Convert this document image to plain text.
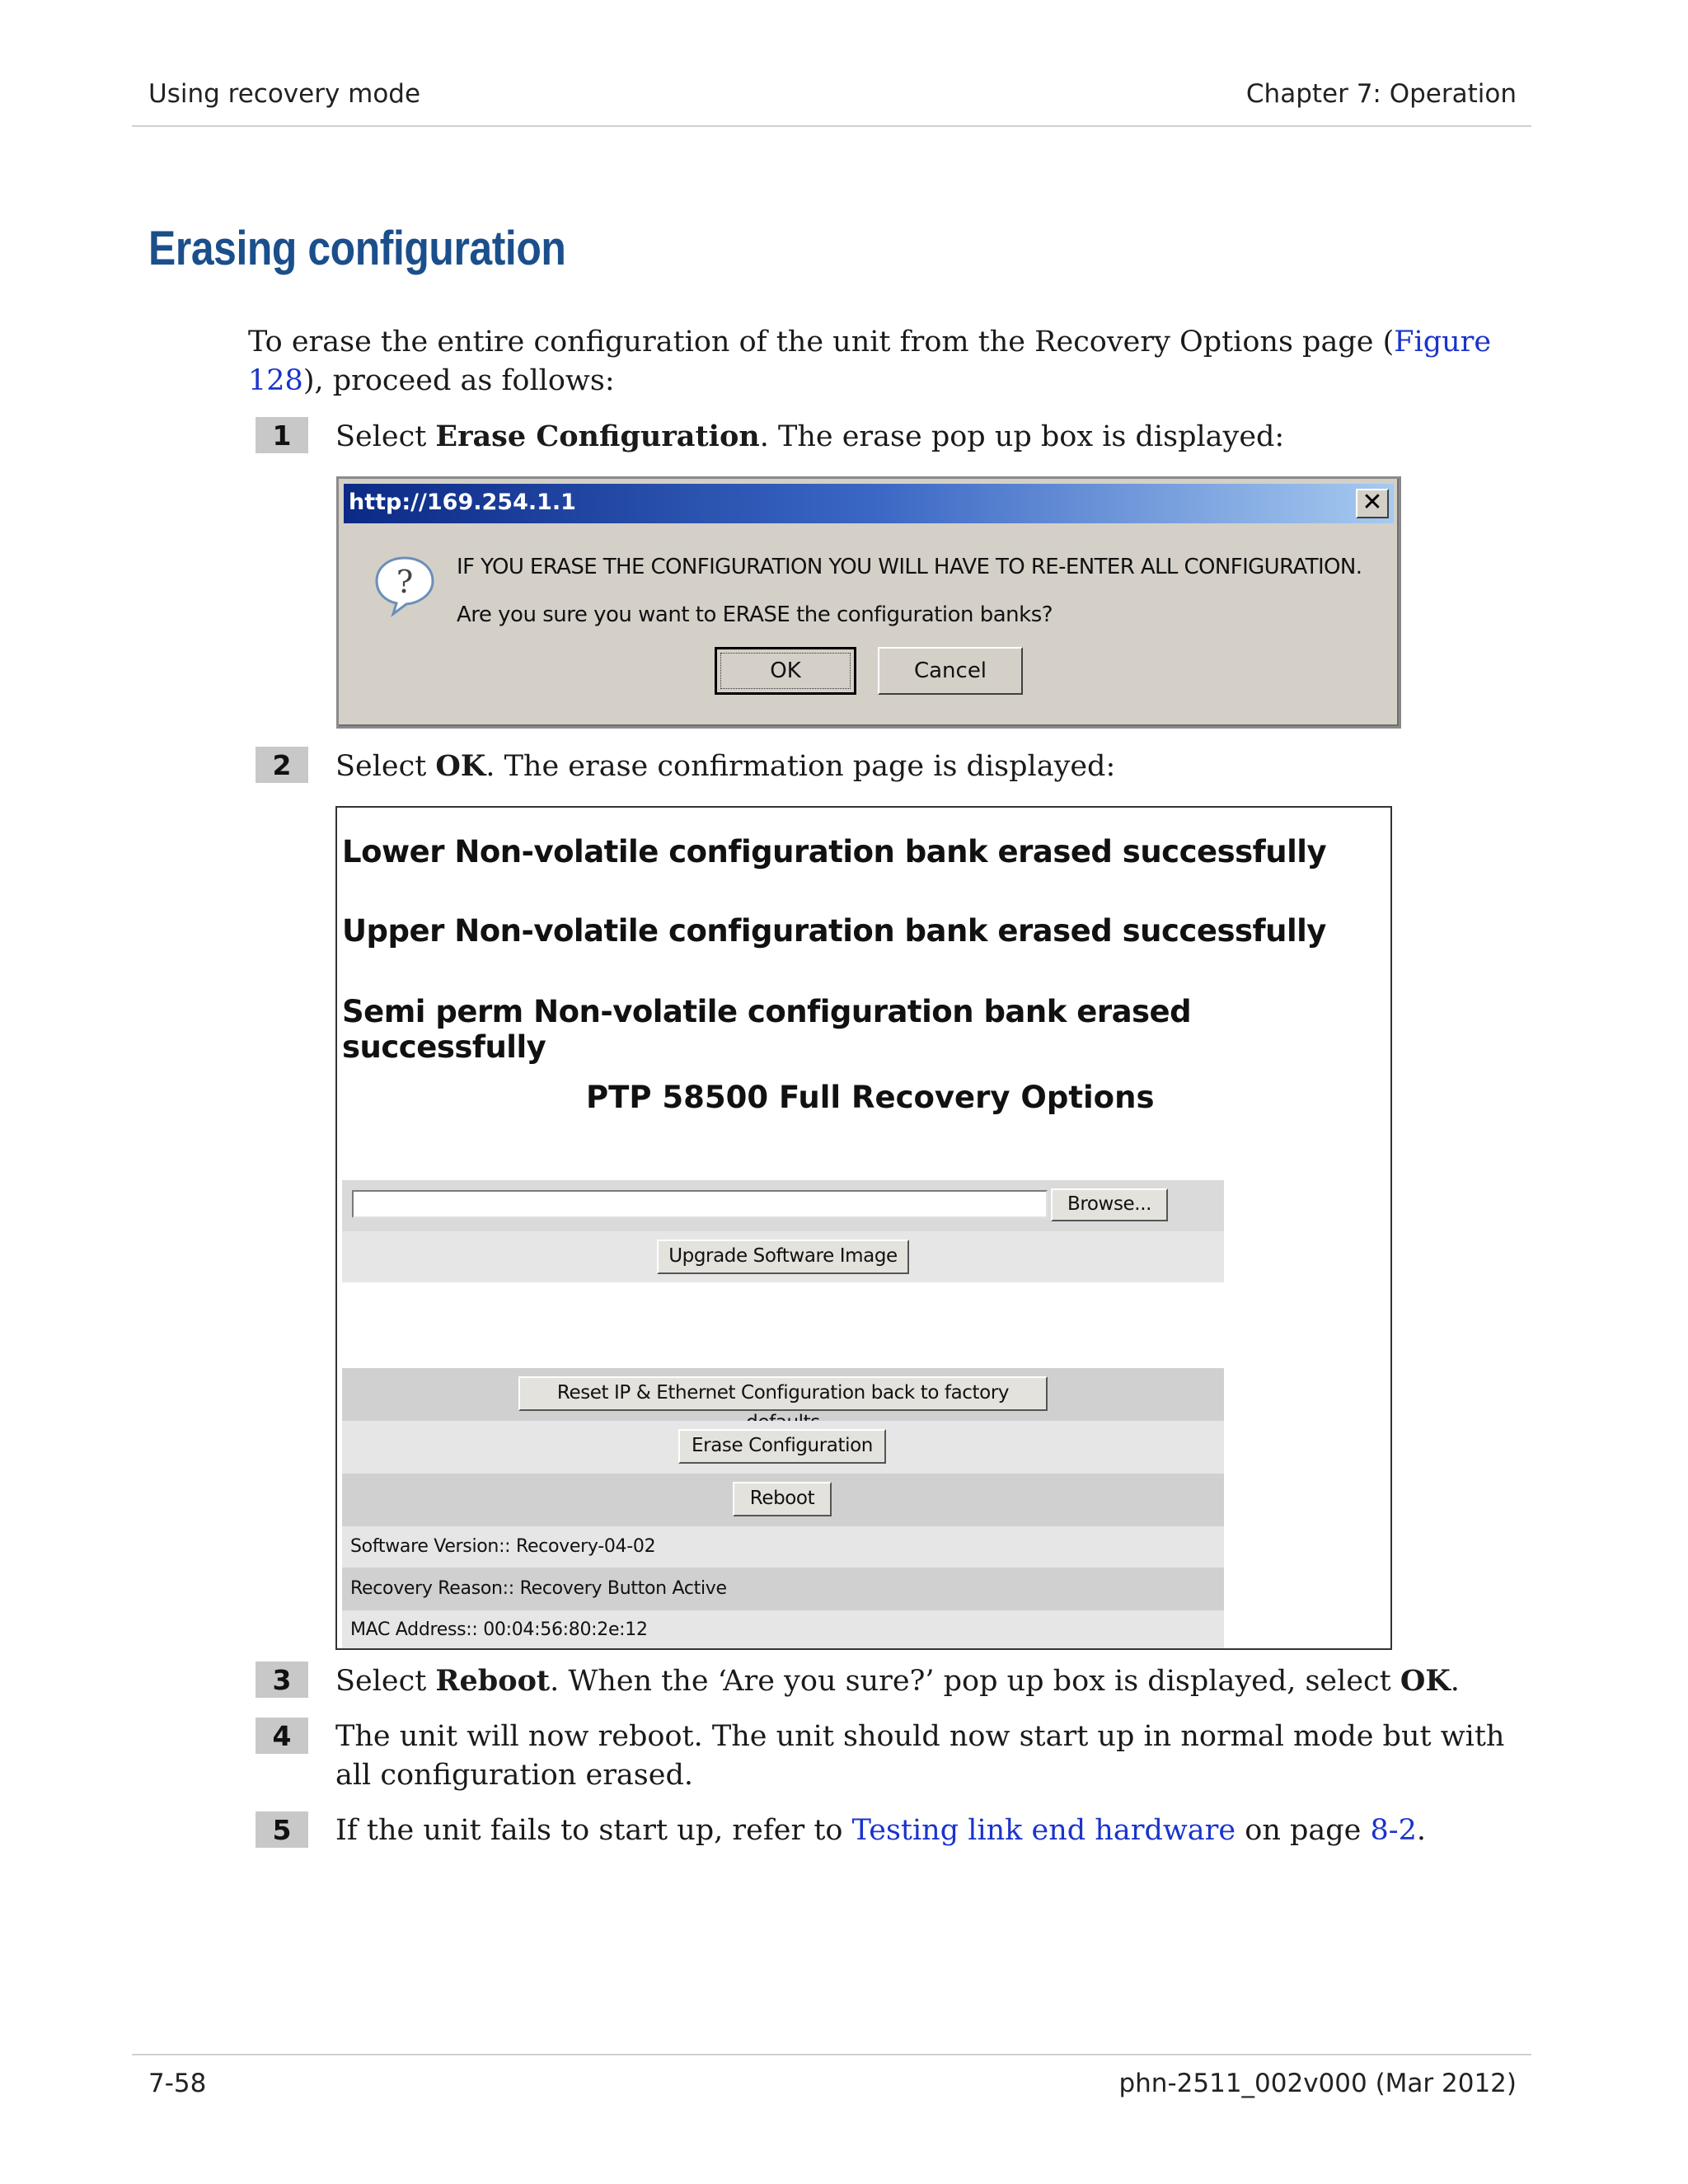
Using recovery mode	Chapter 7: Operation
Erasing configuration
To erase the entire configuration of the unit from the Recovery Options page (Figure 128), proceed as follows:
1	Select Erase Configuration. The erase pop up box is displayed:
http://169.254.1.1	✕
? IF YOU ERASE THE CONFIGURATION YOU WILL HAVE TO RE-ENTER ALL CONFIGURATION.
Are you sure you want to ERASE the configuration banks?
OK	Cancel
2	Select OK. The erase confirmation page is displayed:
Lower Non-volatile configuration bank erased successfully
Upper Non-volatile configuration bank erased successfully
Semi perm Non-volatile configuration bank erased successfully
PTP 58500 Full Recovery Options
Browse...
Upgrade Software Image
Reset IP & Ethernet Configuration back to factory
Erase Configuration
Reboot
Software Version:: Recovery-04-02
Recovery Reason:: Recovery Button Active
MAC Address:: 00:04:56:80:2e:12
3	Select Reboot. When the ‘Are you sure?’ pop up box is displayed, select OK.
4	The unit will now reboot. The unit should now start up in normal mode but with all configuration erased.
5	If the unit fails to start up, refer to Testing link end hardware on page 8-2.
7-58	phn-2511_002v000 (Mar 2012)
